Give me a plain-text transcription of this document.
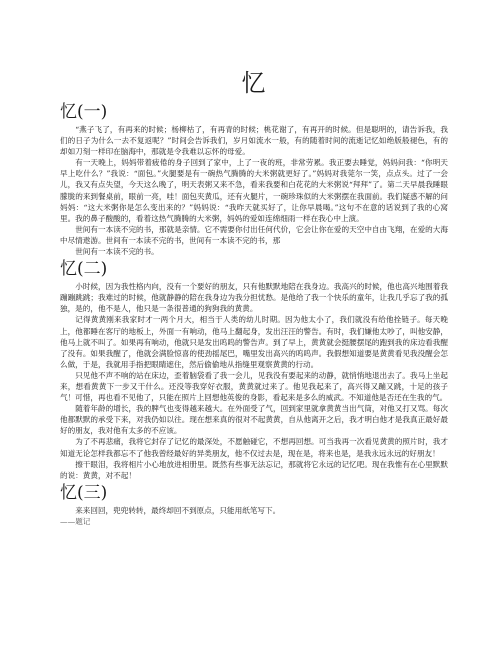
忆
忆(一)

“燕子飞了，有再来的时候；杨柳枯了，有再青的时候；桃花谢了，有再开的时候。但是聪明的，请告诉我，我们的日子为什么一去不复返呢？”时间会告诉我们，岁月如流水一般，有的随着时间的流逝记忆如绝版般褪色，有的却如刀刻一样印在脑海中，那就是令我难以忘怀的母爱。

有一天晚上，妈妈带着疲倦的身子回到了家中，上了一夜的班，非常劳累。我正要去睡觉，妈妈问我：“你明天早上吃什么？”我说：“面包。”火腿要是有一碗热气腾腾的大米粥就更好了。”妈妈对我莞尔一笑，点点头。过了一会儿，我又有点失望，今天这么晚了，明天表粥又来不急，看来我要和白花花的大米粥说“拜拜”了。第二天早晨我睡眼朦胧的来到餐桌前，眼前一亮，哇！面包夹黄瓜，还有火腿片，一碗珍珠似的大米粥摆在我面前。我们疑惑不解的问妈妈：“这大米粥你是怎么变出来的？”妈妈说：“我昨天就买好了，让你早晨喝。”这句不在意的话说到了我的心窝里。我的鼻子酸酸的，看着这热气腾腾的大米粥，妈妈的爱如连绵细雨一样在我心中上演。

世间有一本读不完的书，那就是亲情。它不需要你付出任何代价，它会让你在爱的天空中自由飞翔，在爱的大海中尽情遨游。世间有一本读不完的书，世间有一本读不完的书，那

世间有一本读不完的书。

忆(二)

小时候，因为我性格内向，没有一个要好的朋友，只有他默默地陪在我身边。我高兴的时候，他也高兴地围着我蹦蹦跳跳；我难过的时候，他就静静的陪在我身边为我分担忧愁。是他给了我一个快乐的童年，让我几乎忘了我的孤独，是的，他不是人，他只是一条很普通的狗狗我的黄黄。

记得黄黄刚来我家时才一两个月大，相当于人类的幼儿时期。因为他太小了，我们就没有给他拴链子。每天晚上，他都睡在客厅的地板上，外面一有响动，他马上翻起身，发出汪汪的警告。有时，我们嫌他太吵了，叫他安静，他马上就不叫了。如果再有响动，他就只是发出呜呜的警告声。到了早上，黄黄就会挺腰摆尾的跑到我的床边看我醒了没有。如果我醒了，他就会满脸惊喜的使劲摇尾巴，嘴里发出高兴的呜呜声。我假想知道要是黄黄看见我没醒会怎么做，于是，我就用手指把眼睛遮住，然后偷偷地从指缝里观察黄黄的行动。

只见他不声不响的站在床边，歪着脑袋看了我一会儿，见我没有要起来的动静，就悄悄地退出去了。我马上坐起来，想看黄黄下一步又干什么。还没等我穿好衣服，黄黄就过来了。他见我起来了，高兴得又蹦又跳，十足的孩子气！可惜，再也看不见他了，只能在照片上回想他英俊的身影，看起来是多么的威武。不知道他是否还在生我的气。

随着年龄的增长，我的脾气也变得越来越大。在外面受了气，回到家里就拿黄黄当出气筒，对他又打又骂。每次他都默默的承受下来，对我仍如以往。现在想来真的很对不起黄黄，自从他离开之后，我才明白他才是我真正最好最好的朋友，我对他有太多的不应该。

为了不再悲痛，我将它封存了记忆的最深处，不愿触碰它，不想再回想。可当我再一次看见黄黄的照片时，我才知道无论怎样我都忘不了他我曾经最好的异类朋友，他不仅过去是，现在是，将来也是，是我永远永远的好朋友！

擦干眼泪，我将相片小心地放进相册里。既然有些事无法忘记，那就将它永远的记忆吧。现在我惟有在心里默默的说：黄黄，对不起！

忆(三)

来来回回，兜兜转转，最终却回不到原点，只能用纸笔写下。

——题记
